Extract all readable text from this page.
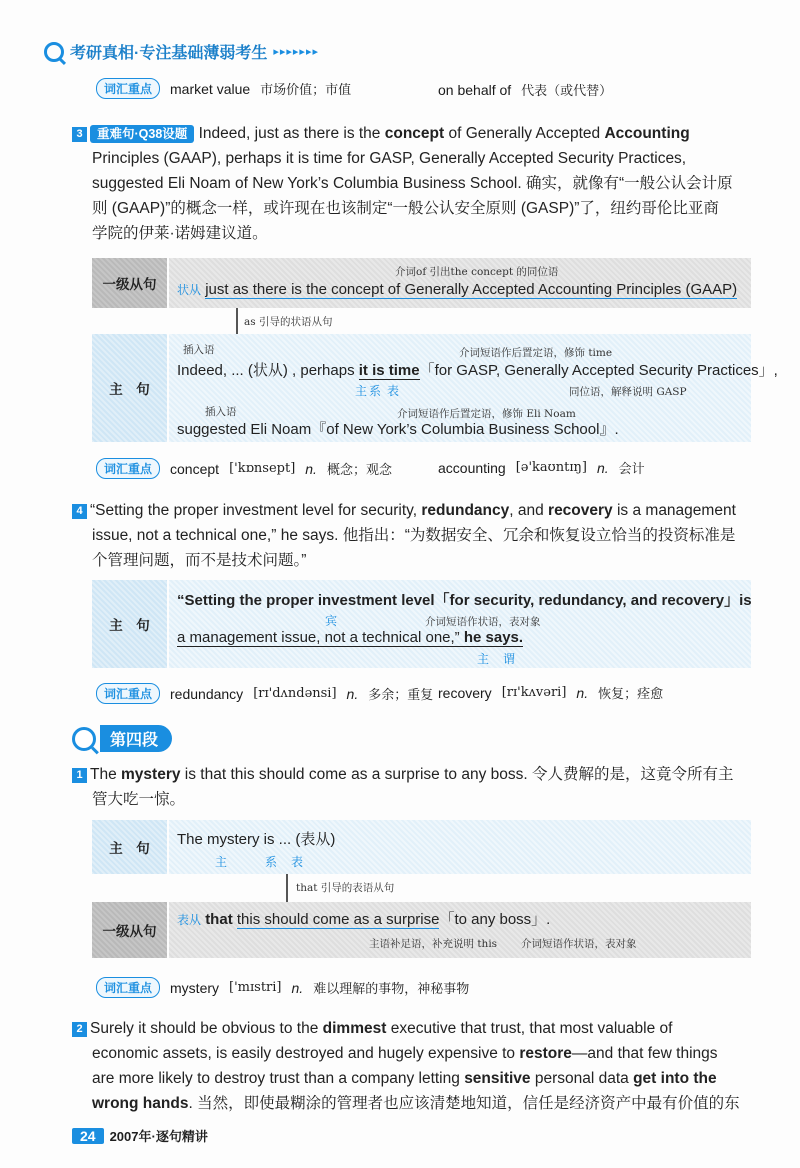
考研真相·专注基础薄弱考生 ▸▸▸▸▸▸▸
词汇重点	market value 市场价值；市值	on behalf of 代表（或代替）
3 重难句·Q38设题 Indeed, just as there is the concept of Generally Accepted Accounting
Principles (GAAP), perhaps it is time for GASP, Generally Accepted Security Practices,
suggested Eli Noam of New York’s Columbia Business School. 确实，就像有“一般公认会计原
则 (GAAP)”的概念一样，或许现在也该制定“一般公认安全原则 (GASP)”了，纽约哥伦比亚商
学院的伊莱·诺姆建议道。
一级从句
介词of 引出the concept 的同位语
状从 just as there is the concept of Generally Accepted Accounting Principles (GAAP)
as 引导的状语从句
主　句
插入语	介词短语作后置定语，修饰 time
Indeed, ... (状从) , perhaps it is time「for GASP, Generally Accepted Security Practices」,
主 系 表	同位语，解释说明 GASP
插入语	介词短语作后置定语，修饰 Eli Noam
suggested Eli Noam『of New York’s Columbia Business School』.
词汇重点	concept ['kɒnsept] n. 概念；观念	accounting [ə'kaʊntɪŋ] n. 会计
4 “Setting the proper investment level for security, redundancy, and recovery is a management
issue, not a technical one,” he says. 他指出：“为数据安全、冗余和恢复设立恰当的投资标准是
个管理问题，而不是技术问题。”
主　句
“Setting the proper investment level「for security, redundancy, and recovery」is
宾	介词短语作状语，表对象
a management issue, not a technical one,” he says.
主 谓
词汇重点	redundancy [rɪ'dʌndənsi] n. 多余；重复 recovery [rɪ'kʌvəri] n. 恢复；痊愈
第四段
1 The mystery is that this should come as a surprise to any boss. 令人费解的是，这竟令所有主
管大吃一惊。
主　句
The mystery is ... (表从)
主	系 表
that 引导的表语从句
一级从句
表从 that this should come as a surprise「to any boss」.
主语补足语，补充说明 this 介词短语作状语，表对象
词汇重点	mystery ['mɪstri] n. 难以理解的事物，神秘事物
2 Surely it should be obvious to the dimmest executive that trust, that most valuable of
economic assets, is easily destroyed and hugely expensive to restore—and that few things
are more likely to destroy trust than a company letting sensitive personal data get into the
wrong hands. 当然，即使最糊涂的管理者也应该清楚地知道，信任是经济资产中最有价值的东
24	2007年·逐句精讲
